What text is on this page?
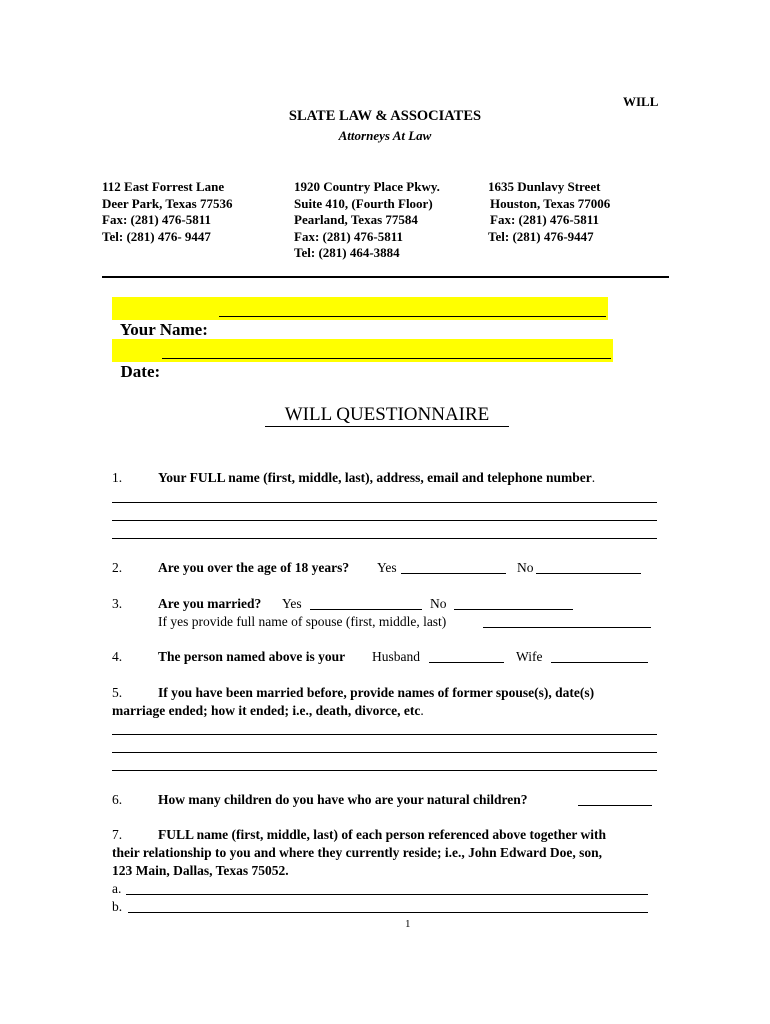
WILL
SLATE LAW & ASSOCIATES
Attorneys At Law
112 East Forrest Lane
Deer Park, Texas 77536
Fax: (281) 476-5811
Tel: (281) 476- 9447
1920 Country Place Pkwy.
Suite 410, (Fourth Floor)
Pearland, Texas 77584
Fax: (281) 476-5811
Tel: (281) 464-3884
1635 Dunlavy Street
Houston, Texas 77006
Fax: (281) 476-5811
Tel: (281) 476-9447

Your Name:

Date:

WILL QUESTIONNAIRE
1.	Your FULL name (first, middle, last), address, email and telephone number.
2.	Are you over the age of 18 years? Yes	No
3.	Are you married? Yes	No
If yes provide full name of spouse (first, middle, last)
4.	The person named above is your Husband	Wife
5.	If you have been married before, provide names of former spouse(s), date(s)
marriage ended; how it ended; i.e., death, divorce, etc.
6.	How many children do you have who are your natural children?
7.	FULL name (first, middle, last) of each person referenced above together with
their relationship to you and where they currently reside; i.e., John Edward Doe, son,
123 Main, Dallas, Texas 75052.
a.
b.
1
